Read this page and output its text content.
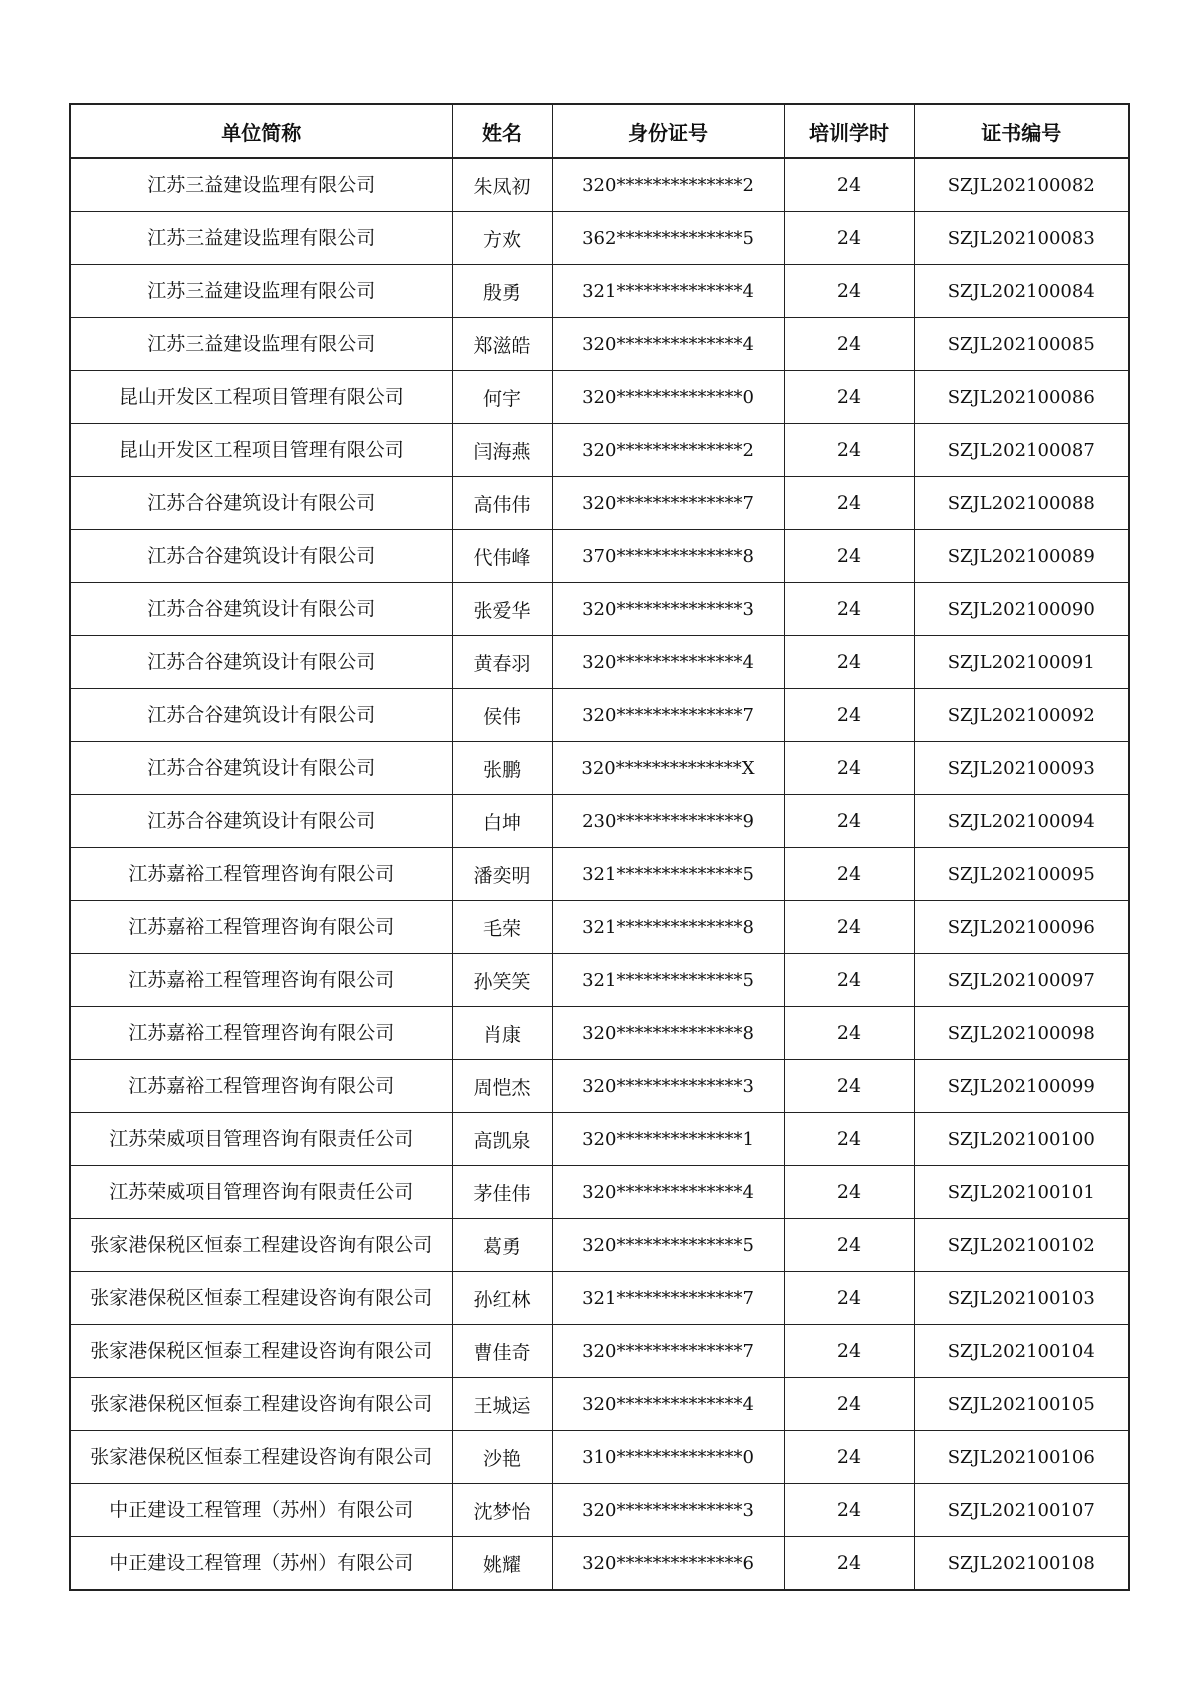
单位简称	姓名	身份证号	培训学时	证书编号
江苏三益建设监理有限公司	朱凤初	320**************2	24	SZJL202100082
江苏三益建设监理有限公司	方欢	362**************5	24	SZJL202100083
江苏三益建设监理有限公司	殷勇	321**************4	24	SZJL202100084
江苏三益建设监理有限公司	郑滋皓	320**************4	24	SZJL202100085
昆山开发区工程项目管理有限公司	何宇	320**************0	24	SZJL202100086
昆山开发区工程项目管理有限公司	闫海燕	320**************2	24	SZJL202100087
江苏合谷建筑设计有限公司	高伟伟	320**************7	24	SZJL202100088
江苏合谷建筑设计有限公司	代伟峰	370**************8	24	SZJL202100089
江苏合谷建筑设计有限公司	张爱华	320**************3	24	SZJL202100090
江苏合谷建筑设计有限公司	黄春羽	320**************4	24	SZJL202100091
江苏合谷建筑设计有限公司	侯伟	320**************7	24	SZJL202100092
江苏合谷建筑设计有限公司	张鹏	320**************X	24	SZJL202100093
江苏合谷建筑设计有限公司	白坤	230**************9	24	SZJL202100094
江苏嘉裕工程管理咨询有限公司	潘奕明	321**************5	24	SZJL202100095
江苏嘉裕工程管理咨询有限公司	毛荣	321**************8	24	SZJL202100096
江苏嘉裕工程管理咨询有限公司	孙笑笑	321**************5	24	SZJL202100097
江苏嘉裕工程管理咨询有限公司	肖康	320**************8	24	SZJL202100098
江苏嘉裕工程管理咨询有限公司	周恺杰	320**************3	24	SZJL202100099
江苏荣威项目管理咨询有限责任公司	高凯泉	320**************1	24	SZJL202100100
江苏荣威项目管理咨询有限责任公司	茅佳伟	320**************4	24	SZJL202100101
张家港保税区恒泰工程建设咨询有限公司	葛勇	320**************5	24	SZJL202100102
张家港保税区恒泰工程建设咨询有限公司	孙红林	321**************7	24	SZJL202100103
张家港保税区恒泰工程建设咨询有限公司	曹佳奇	320**************7	24	SZJL202100104
张家港保税区恒泰工程建设咨询有限公司	王城运	320**************4	24	SZJL202100105
张家港保税区恒泰工程建设咨询有限公司	沙艳	310**************0	24	SZJL202100106
中正建设工程管理（苏州）有限公司	沈梦怡	320**************3	24	SZJL202100107
中正建设工程管理（苏州）有限公司	姚耀	320**************6	24	SZJL202100108
